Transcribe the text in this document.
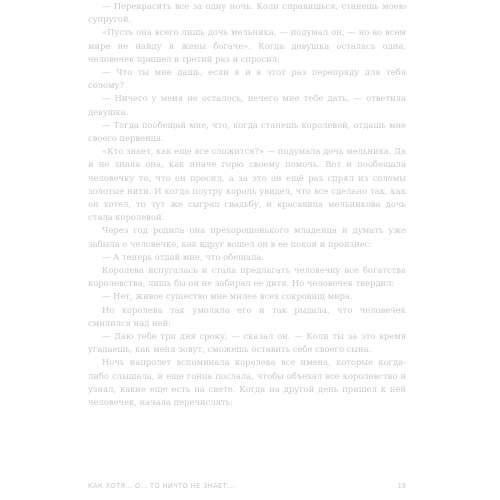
— Перекрасить все за одну ночь. Коли справишься, станешь моею супругой.

«Пусть она всего лишь дочь мельника, — подумал он, — но во всем мире не найду я жены богаче». Когда девушка осталась одна, человечек пришел в третий раз и спросил:

— Что ты мне дашь, если я и в этот раз перепряду для тебя солому?

— Ничего у меня не осталось, нечего мне тебе дать, — ответила девушка.

— Тогда пообещай мне, что, когда станешь королевой, отдашь мне своего первенца.

«Кто знает, как еще все сложится?» — подумала дочь мельника. Да и не знала она, как иначе горю своему помочь. Вот и пообещала человечку то, что он просил, а за это он ещё раз спрял из соломы золотые нити. И когда поутру король увидел, что все сделано так, как он хотел, то тут же сыграл свадьбу, и красавица мельникова дочь стала королевой.

Через год родила она прехорошенького младенца и думать уже забыла о человечке, как вдруг вошел он в ее покои и произнес:

— А теперь отдай мне, что обещала.

Королева испугалась и стала предлагать человечку все богатства королевства, лишь бы он не забирал ее дитя. Но человечек твердил:

— Нет, живое существо мне милее всех сокровищ мира.

Но королева так умоляла его и так рыдала, что человечек смилился над ней:

— Даю тебе три дня сроку, — сказал он. — Коли ты за это время угадаешь, как меня зовут, сможешь оставить себе своего сына.

Ночь напролет вспоминала королева все имена, которые когда-либо слышала, и еще гонца послала, чтобы объехал все королевство и узнал, какие еще есть на свете. Когда на другой день пришел к ней человечек, начала перечислять:

КАК ХОТЯ… О… ТО НИЧТО НЕ ЗНАЕТ...	19
